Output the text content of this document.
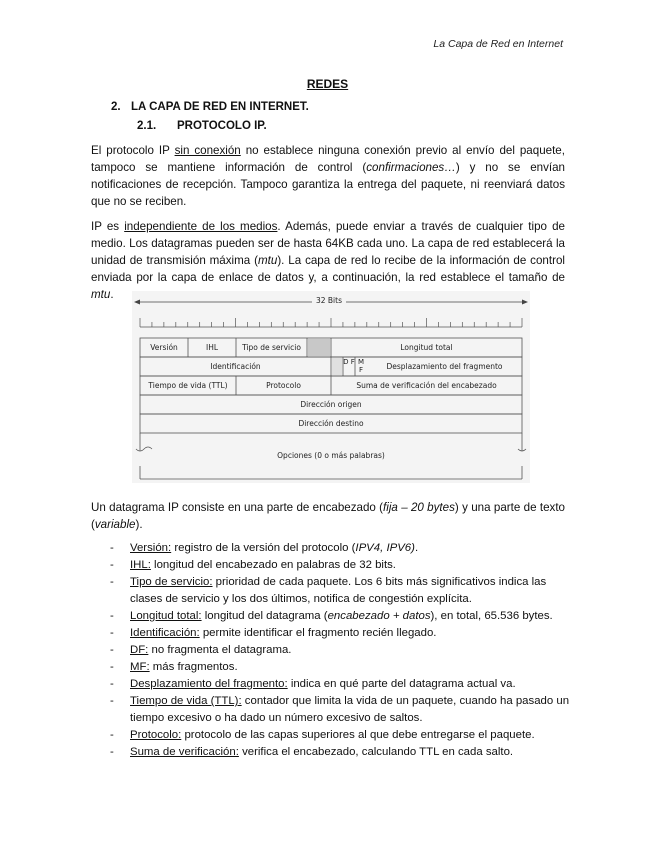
La Capa de Red en Internet
REDES
2. LA CAPA DE RED EN INTERNET.
2.1. PROTOCOLO IP.

El protocolo IP sin conexión no establece ninguna conexión previo al envío del paquete, tampoco se mantiene información de control (confirmaciones…) y no se envían notificaciones de recepción. Tampoco garantiza la entrega del paquete, ni reenviará datos que no se reciben.

IP es independiente de los medios. Además, puede enviar a través de cualquier tipo de medio. Los datagramas pueden ser de hasta 64KB cada uno. La capa de red establecerá la unidad de transmisión máxima (mtu). La capa de red lo recibe de la información de control enviada por la capa de enlace de datos y, a continuación, la red establece el tamaño de mtu.	32 Bits
Versión	IHL	Tipo de servicio	Longitud total
Identificación	D F M F	Desplazamiento del fragmento
Tiempo de vida (TTL)	Protocolo	Suma de verificación del encabezado
Dirección origen
Dirección destino
Opciones (0 o más palabras)

Un datagrama IP consiste en una parte de encabezado (fija – 20 bytes) y una parte de texto (variable).

- Versión: registro de la versión del protocolo (IPV4, IPV6).
- IHL: longitud del encabezado en palabras de 32 bits.
- Tipo de servicio: prioridad de cada paquete. Los 6 bits más significativos indica las clases de servicio y los dos últimos, notifica de congestión explícita.
- Longitud total: longitud del datagrama (encabezado + datos), en total, 65.536 bytes.
- Identificación: permite identificar el fragmento recién llegado.
- DF: no fragmenta el datagrama.
- MF: más fragmentos.
- Desplazamiento del fragmento: indica en qué parte del datagrama actual va.
- Tiempo de vida (TTL): contador que limita la vida de un paquete, cuando ha pasado un tiempo excesivo o ha dado un número excesivo de saltos.
- Protocolo: protocolo de las capas superiores al que debe entregarse el paquete.
- Suma de verificación: verifica el encabezado, calculando TTL en cada salto.
